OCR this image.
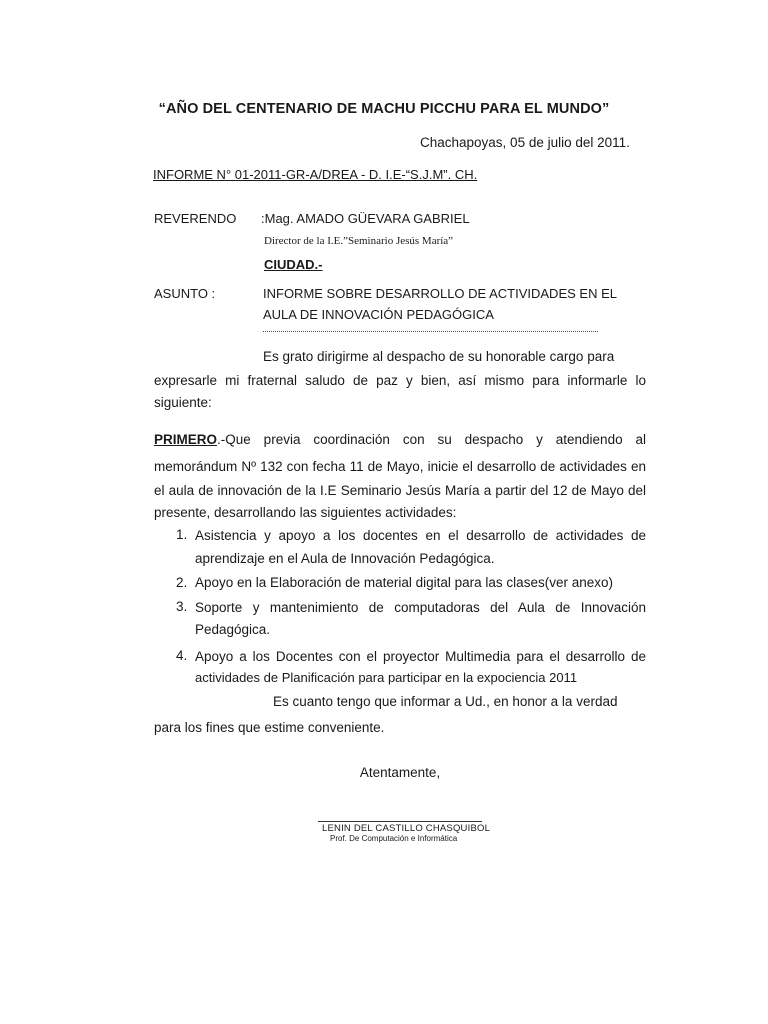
“AÑO DEL CENTENARIO DE MACHU PICCHU PARA EL MUNDO”
Chachapoyas, 05 de julio del 2011.
INFORME N° 01-2011-GR-A/DREA - D. I.E-“S.J.M”. CH.
REVERENDO :Mag. AMADO GÜEVARA GABRIEL
Director de la I.E.”Seminario Jesús María”
CIUDAD.-
ASUNTO :	INFORME SOBRE DESARROLLO DE ACTIVIDADES EN EL
AULA DE INNOVACIÓN PEDAGÓGICA
Es grato dirigirme al despacho de su honorable cargo para
expresarle mi fraternal saludo de paz y bien, así mismo para informarle lo
siguiente:
PRIMERO.-Que previa coordinación con su despacho y atendiendo al
memorándum Nº 132 con fecha 11 de Mayo, inicie el desarrollo de actividades en
el aula de innovación de la I.E Seminario Jesús María a partir del 12 de Mayo del
presente, desarrollando las siguientes actividades:
1. Asistencia y apoyo a los docentes en el desarrollo de actividades de
aprendizaje en el Aula de Innovación Pedagógica.
2. Apoyo en la Elaboración de material digital para las clases(ver anexo)
3. Soporte y mantenimiento de computadoras del Aula de Innovación
Pedagógica.
4. Apoyo a los Docentes con el proyector Multimedia para el desarrollo de
actividades de Planificación para participar en la expociencia 2011
Es cuanto tengo que informar a Ud., en honor a la verdad
para los fines que estime conveniente.
Atentamente,
LENIN DEL CASTILLO CHASQUIBOL
Prof. De Computación e Informática
